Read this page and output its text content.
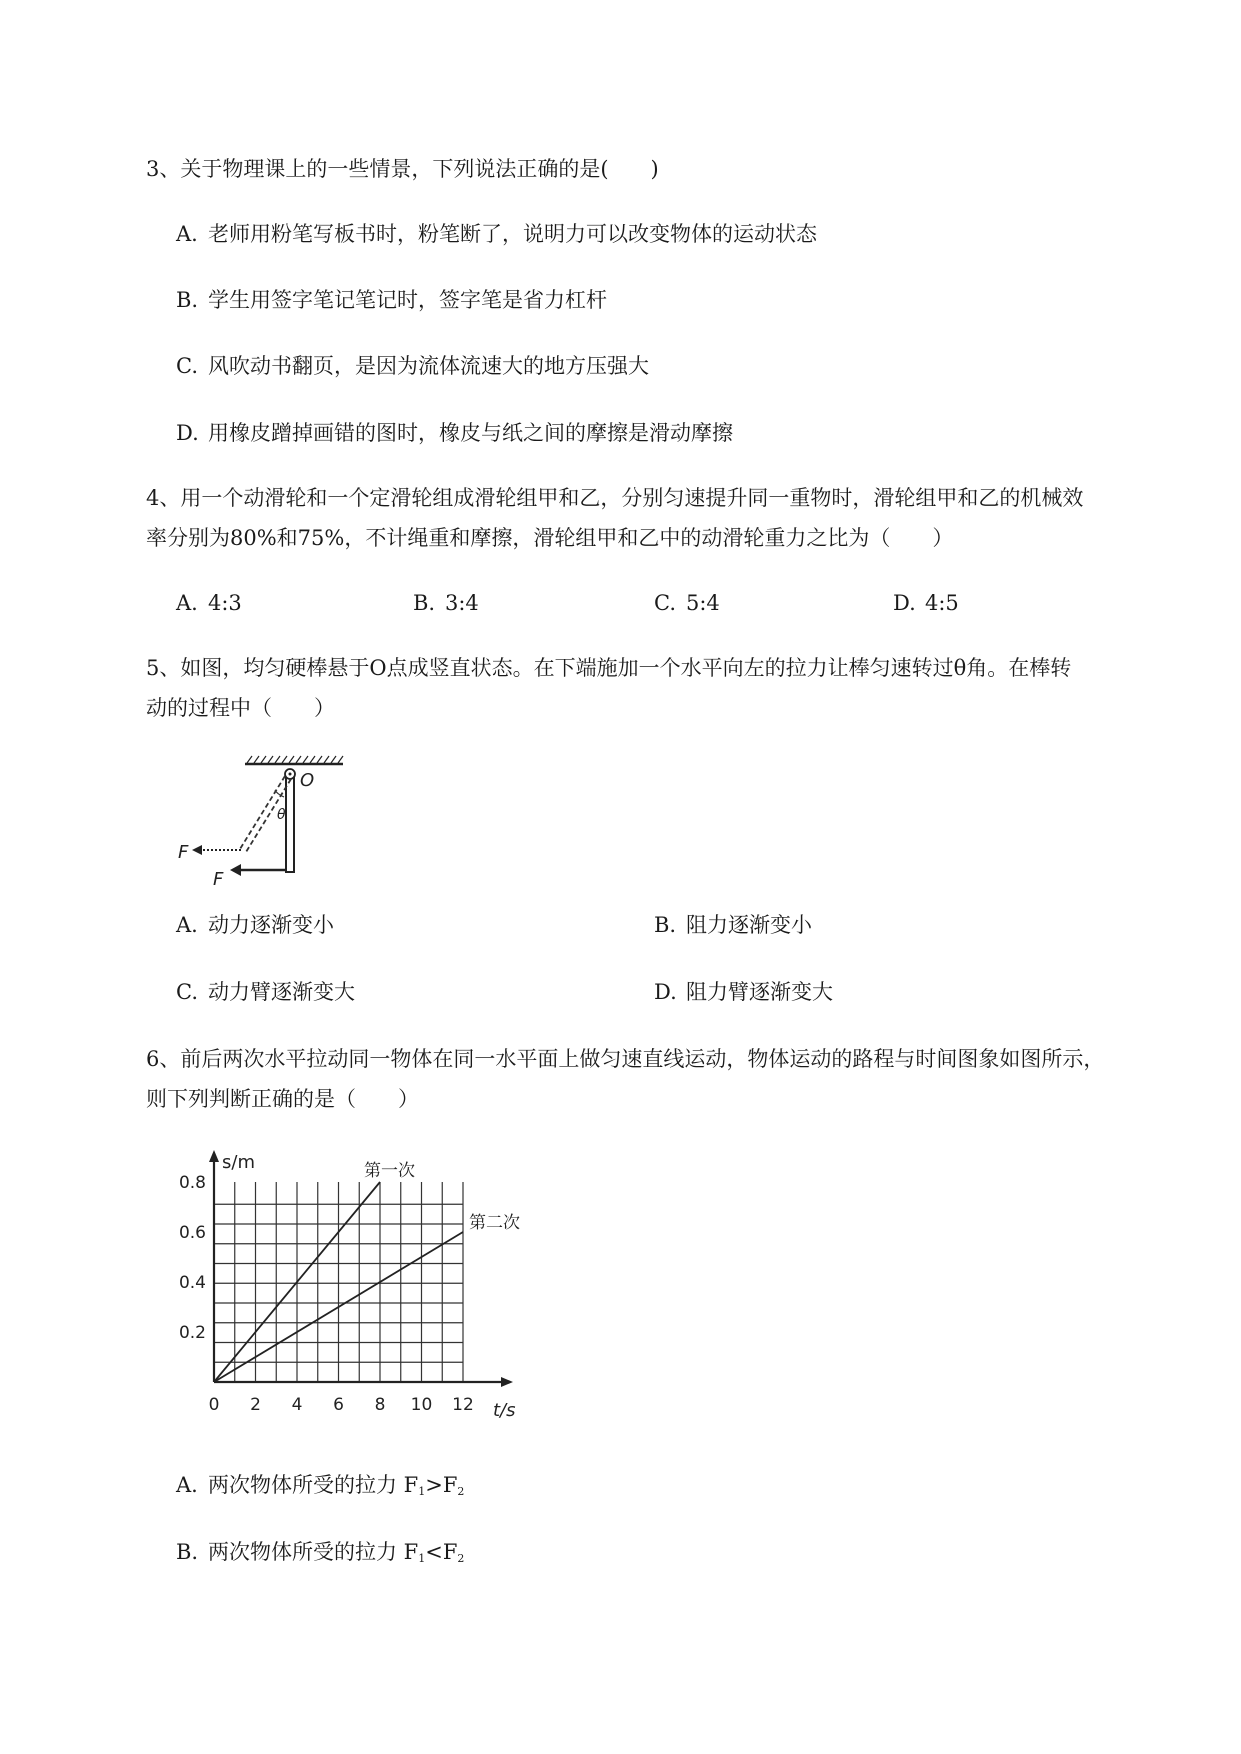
3、关于物理课上的一些情景，下列说法正确的是(　　)

A. 老师用粉笔写板书时，粉笔断了，说明力可以改变物体的运动状态
B. 学生用签字笔记笔记时，签字笔是省力杠杆
C. 风吹动书翻页，是因为流体流速大的地方压强大
D. 用橡皮蹭掉画错的图时，橡皮与纸之间的摩擦是滑动摩擦

4、用一个动滑轮和一个定滑轮组成滑轮组甲和乙，分别匀速提升同一重物时，滑轮组甲和乙的机械效

率分别为80%和75%，不计绳重和摩擦，滑轮组甲和乙中的动滑轮重力之比为（　　）

A. 4:3	B. 3:4	C. 5:4	D. 4:5

5、如图，均匀硬棒悬于O点成竖直状态。在下端施加一个水平向左的拉力让棒匀速转过θ角。在棒转

动的过程中（　　）

O
θ
F
F
A. 动力逐渐变小	B. 阻力逐渐变小
C. 动力臂逐渐变大	D. 阻力臂逐渐变大

6、前后两次水平拉动同一物体在同一水平面上做匀速直线运动，物体运动的路程与时间图象如图所示，

则下列判断正确的是（　　）

0 2 4 6 8 10 12
0.2
0.4
0.6
0.8
t/s
s/m	第一次
第二次
A. 两次物体所受的拉力 $F_1>F_2$
B. 两次物体所受的拉力 $F_1<F_2$
